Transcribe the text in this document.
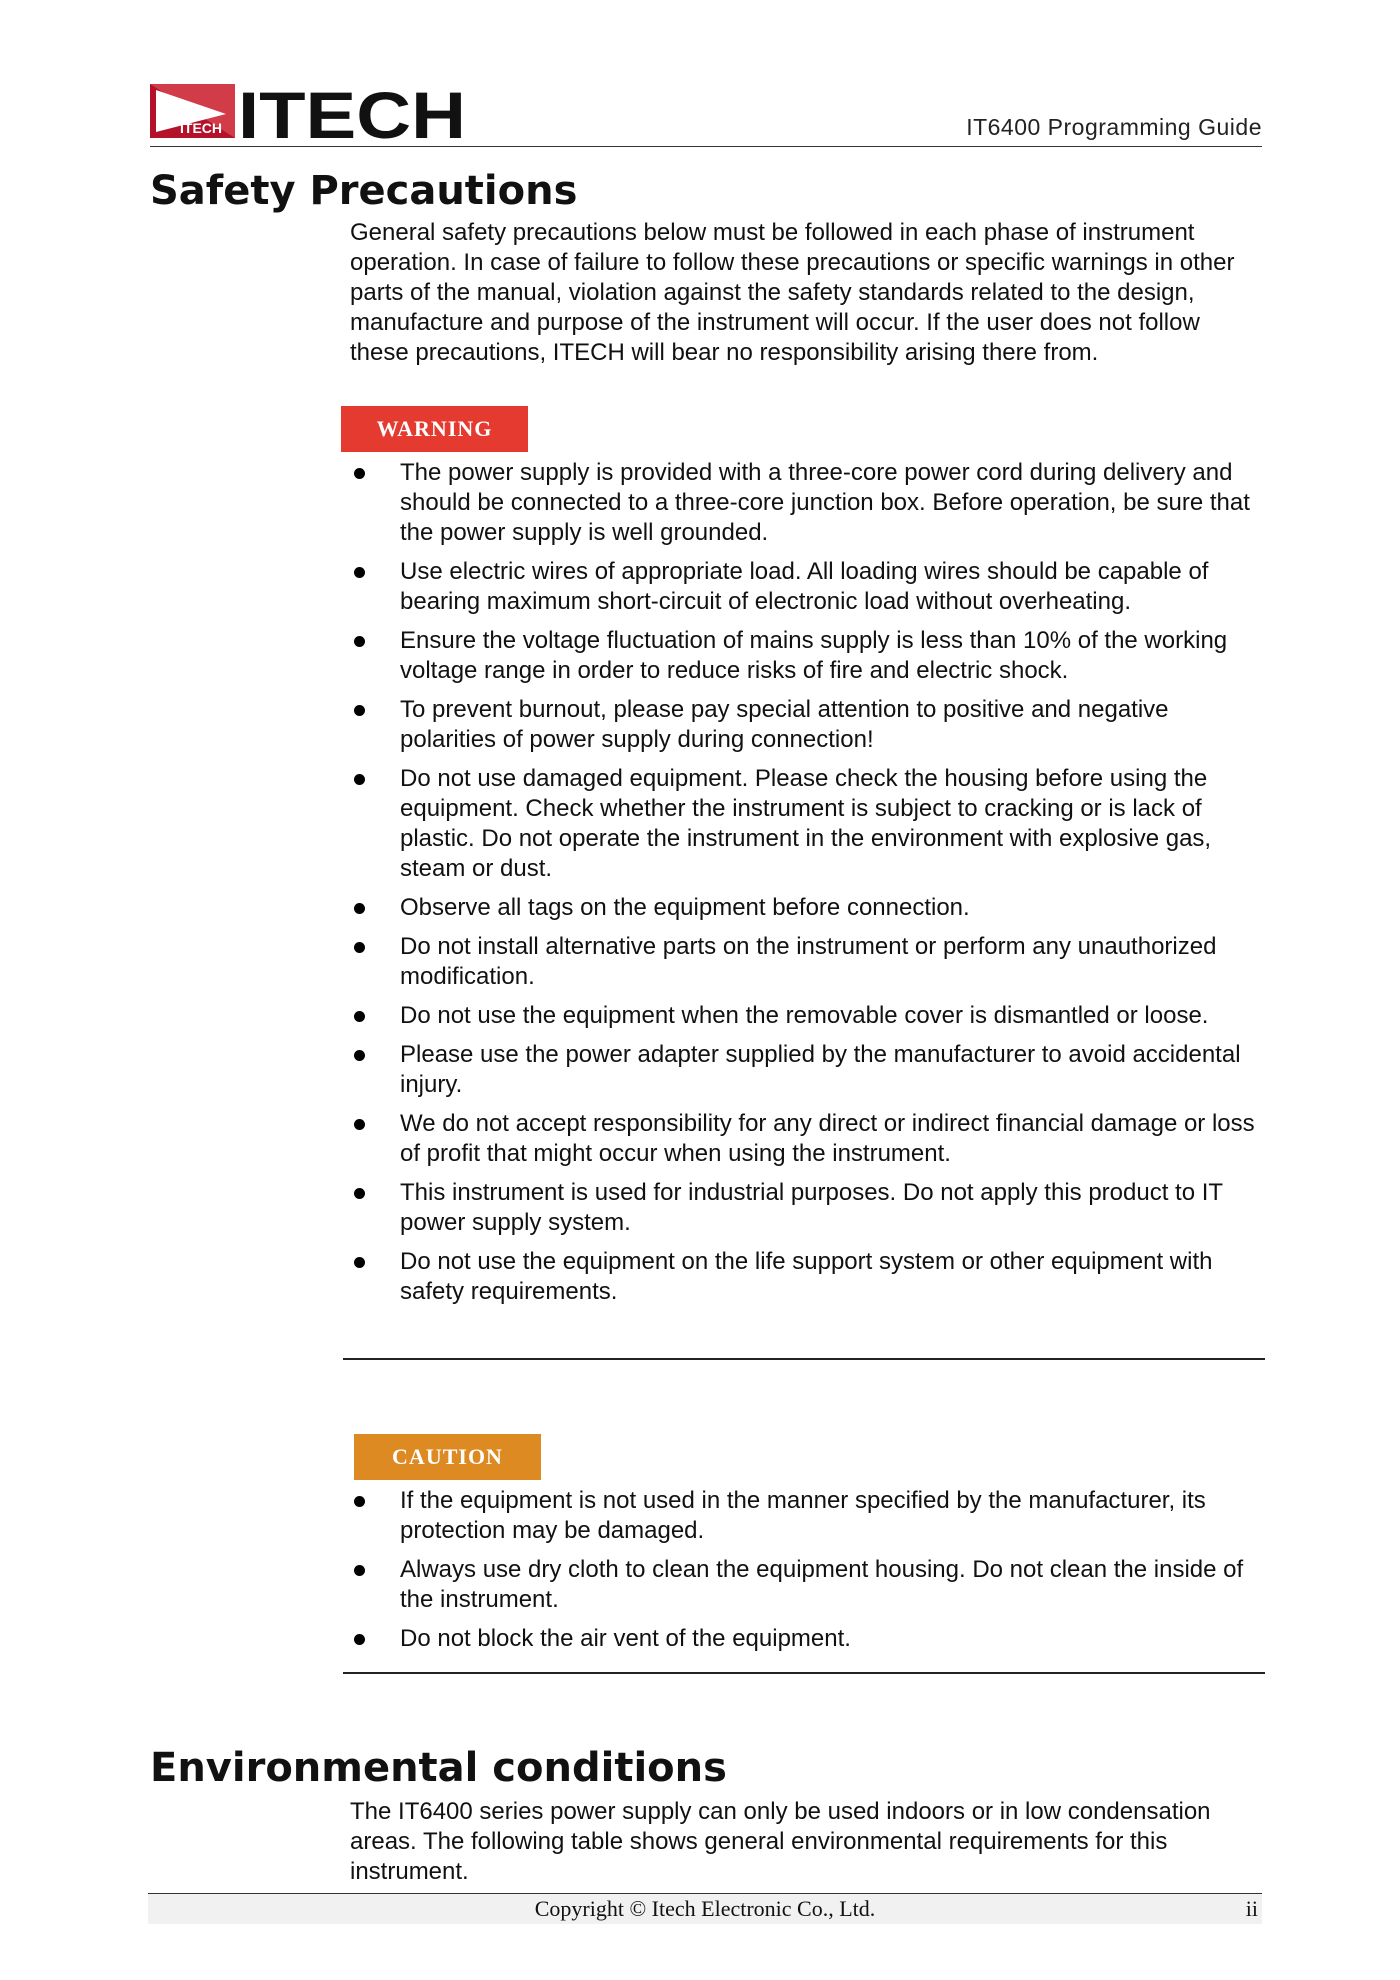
ITECH ITECH	IT6400 Programming Guide
Safety Precautions
General safety precautions below must be followed in each phase of instrument operation. In case of failure to follow these precautions or specific warnings in other parts of the manual, violation against the safety standards related to the design, manufacture and purpose of the instrument will occur. If the user does not follow these precautions, ITECH will bear no responsibility arising there from.
WARNING
The power supply is provided with a three-core power cord during delivery and should be connected to a three-core junction box. Before operation, be sure that the power supply is well grounded.
Use electric wires of appropriate load. All loading wires should be capable of bearing maximum short-circuit of electronic load without overheating.
Ensure the voltage fluctuation of mains supply is less than 10% of the working voltage range in order to reduce risks of fire and electric shock.
To prevent burnout, please pay special attention to positive and negative polarities of power supply during connection!
Do not use damaged equipment. Please check the housing before using the equipment. Check whether the instrument is subject to cracking or is lack of plastic. Do not operate the instrument in the environment with explosive gas, steam or dust.
Observe all tags on the equipment before connection.
Do not install alternative parts on the instrument or perform any unauthorized modification.
Do not use the equipment when the removable cover is dismantled or loose.
Please use the power adapter supplied by the manufacturer to avoid accidental injury.
We do not accept responsibility for any direct or indirect financial damage or loss of profit that might occur when using the instrument.
This instrument is used for industrial purposes. Do not apply this product to IT power supply system.
Do not use the equipment on the life support system or other equipment with safety requirements.
CAUTION
If the equipment is not used in the manner specified by the manufacturer, its protection may be damaged.
Always use dry cloth to clean the equipment housing. Do not clean the inside of the instrument.
Do not block the air vent of the equipment.
Environmental conditions
The IT6400 series power supply can only be used indoors or in low condensation areas. The following table shows general environmental requirements for this instrument.
Copyright © Itech Electronic Co., Ltd.	ii
